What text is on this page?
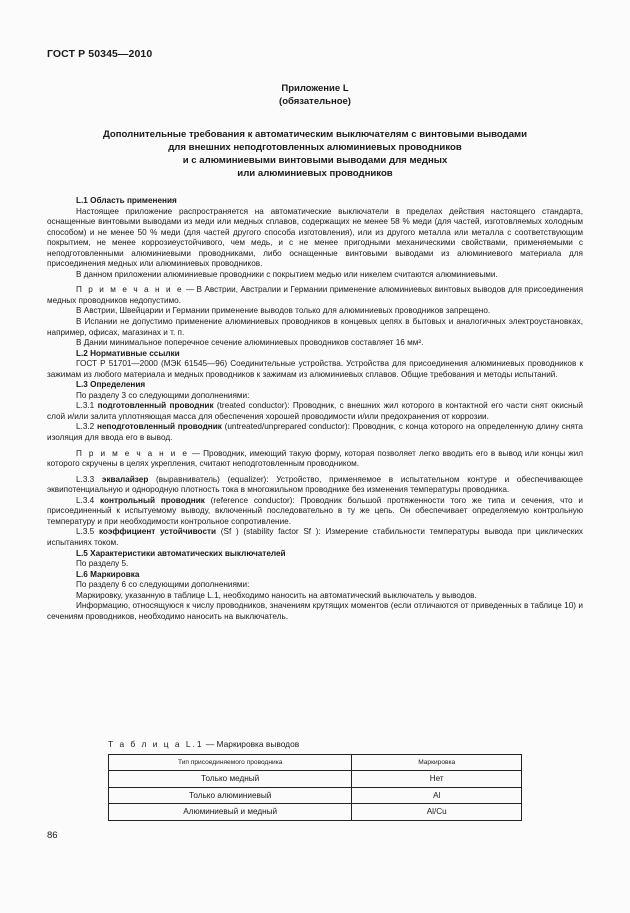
ГОСТ Р 50345—2010
Приложение L
(обязательное)
Дополнительные требования к автоматическим выключателям с винтовыми выводами
для внешних неподготовленных алюминиевых проводников
и с алюминиевыми винтовыми выводами для медных
или алюминиевых проводников

L.1 Область применения

Настоящее приложение распространяется на автоматические выключатели в пределах действия настоящего стандарта, оснащенные винтовыми выводами из меди или медных сплавов, содержащих не менее 58 % меди (для частей, изготовляемых холодным способом) и не менее 50 % меди (для частей другого способа изготовления), или из другого металла или металла с соответствующим покрытием, не менее коррозиеустойчивого, чем медь, и с не менее пригодными механическими свойствами, применяемыми с неподготовленными алюминиевыми проводниками, либо оснащенные винтовыми выводами из алюминиевого материала для присоединения медных или алюминиевых проводников.

В данном приложении алюминиевые проводники с покрытием медью или никелем считаются алюминиевыми.

П р и м е ч а н и е — В Австрии, Австралии и Германии применение алюминиевых винтовых выводов для присоединения медных проводников недопустимо.

В Австрии, Швейцарии и Германии применение выводов только для алюминиевых проводников запрещено.

В Испании не допустимо применение алюминиевых проводников в концевых цепях в бытовых и аналогичных электроустановках, например, офисах, магазинах и т. п.

В Дании минимальное поперечное сечение алюминиевых проводников составляет 16 мм².

L.2 Нормативные ссылки

ГОСТ Р 51701—2000 (МЭК 61545—96) Соединительные устройства. Устройства для присоединения алюминиевых проводников к зажимам из любого материала и медных проводников к зажимам из алюминиевых сплавов. Общие требования и методы испытаний.

L.3 Определения

По разделу 3 со следующими дополнениями:

L.3.1 подготовленный проводник (treated conductor): Проводник, с внешних жил которого в контактной его части снят окисный слой и/или залита уплотняющая масса для обеспечения хорошей проводимости и/или предохранения от коррозии.

L.3.2 неподготовленный проводник (untreated/unprepared conductor): Проводник, с конца которого на определенную длину снята изоляция для ввода его в вывод.

П р и м е ч а н и е — Проводник, имеющий такую форму, которая позволяет легко вводить его в вывод или концы жил которого скручены в целях укрепления, считают неподготовленным проводником.

L.3.3 эквалайзер (выравниватель) (equalizer): Устройство, применяемое в испытательном контуре и обеспечивающее эквипотенциальную и однородную плотность тока в многожильном проводнике без изменения температуры проводника.

L.3.4 контрольный проводник (reference conductor): Проводник большой протяженности того же типа и сечения, что и присоединенный к испытуемому выводу, включенный последовательно в ту же цепь. Он обеспечивает определяемую контрольную температуру и при необходимости контрольное сопротивление.

L.3.5 коэффициент устойчивости (Sf ) (stability factor Sf ): Измерение стабильности температуры вывода при циклических испытаниях током.

L.5 Характеристики автоматических выключателей

По разделу 5.

L.6 Маркировка

По разделу 6 со следующими дополнениями:

Маркировку, указанную в таблице L.1, необходимо наносить на автоматический выключатель у выводов.

Информацию, относящуюся к числу проводников, значениям крутящих моментов (если отличаются от приведенных в таблице 10) и сечениям проводников, необходимо наносить на выключатель.

Т а б л и ц а L.1 — Маркировка выводов
Тип присоединяемого проводника	Маркировка
Только медный	Нет
Только алюминиевый	Al
Алюминиевый и медный	Al/Cu
86
